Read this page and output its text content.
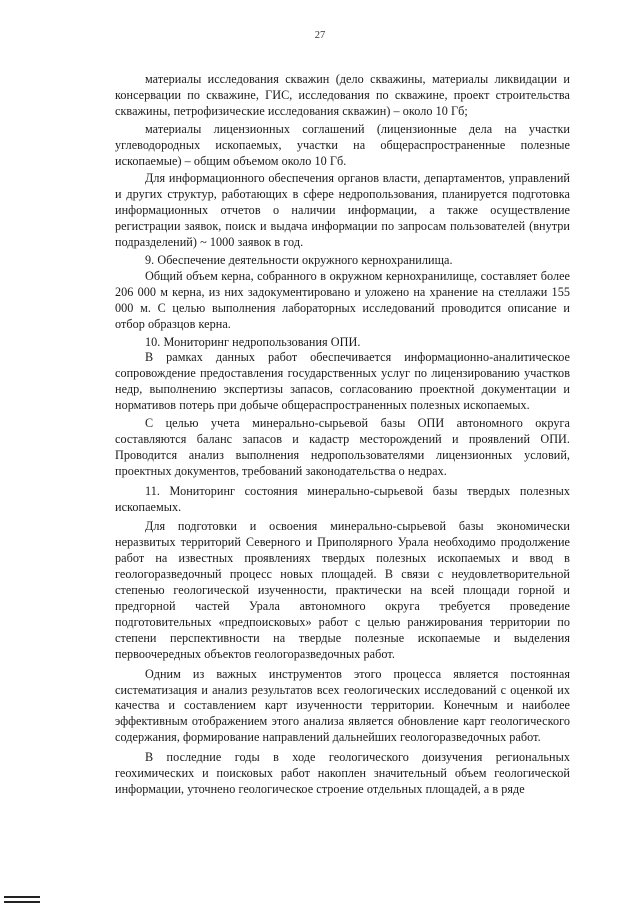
27

материалы исследования скважин (дело скважины, материалы ликвидации и консервации по скважине, ГИС, исследования по скважине, проект строительства скважины, петрофизические исследования скважин) – около 10 Гб;

материалы лицензионных соглашений (лицензионные дела на участки углеводородных ископаемых, участки на общераспространенные полезные ископаемые) – общим объемом около 10 Гб.

Для информационного обеспечения органов власти, департаментов, управлений и других структур, работающих в сфере недропользования, планируется подготовка информационных отчетов о наличии информации, а также осуществление регистрации заявок, поиск и выдача информации по запросам пользователей (внутри подразделений) ~ 1000 заявок в год.

9. Обеспечение деятельности окружного кернохранилища.

Общий объем керна, собранного в окружном кернохранилище, составляет более 206 000 м керна, из них задокументировано и уложено на хранение на стеллажи 155 000 м. С целью выполнения лабораторных исследований проводится описание и отбор образцов керна.

10. Мониторинг недропользования ОПИ.

В рамках данных работ обеспечивается информационно-аналитическое сопровождение предоставления государственных услуг по лицензированию участков недр, выполнению экспертизы запасов, согласованию проектной документации и нормативов потерь при добыче общераспространенных полезных ископаемых.

С целью учета минерально-сырьевой базы ОПИ автономного округа составляются баланс запасов и кадастр месторождений и проявлений ОПИ. Проводится анализ выполнения недропользователями лицензионных условий, проектных документов, требований законодательства о недрах.

11. Мониторинг состояния минерально-сырьевой базы твердых полезных ископаемых.

Для подготовки и освоения минерально-сырьевой базы экономически неразвитых территорий Северного и Приполярного Урала необходимо продолжение работ на известных проявлениях твердых полезных ископаемых и ввод в геологоразведочный процесс новых площадей. В связи с неудовлетворительной степенью геологической изученности, практически на всей площади горной и предгорной частей Урала автономного округа требуется проведение подготовительных «предпоисковых» работ с целью ранжирования территории по степени перспективности на твердые полезные ископаемые и выделения первоочередных объектов геологоразведочных работ.

Одним из важных инструментов этого процесса является постоянная систематизация и анализ результатов всех геологических исследований с оценкой их качества и составлением карт изученности территории. Конечным и наиболее эффективным отображением этого анализа является обновление карт геологического содержания, формирование направлений дальнейших геологоразведочных работ.

В последние годы в ходе геологического доизучения региональных геохимических и поисковых работ накоплен значительный объем геологической информации, уточнено геологическое строение отдельных площадей, а в ряде
